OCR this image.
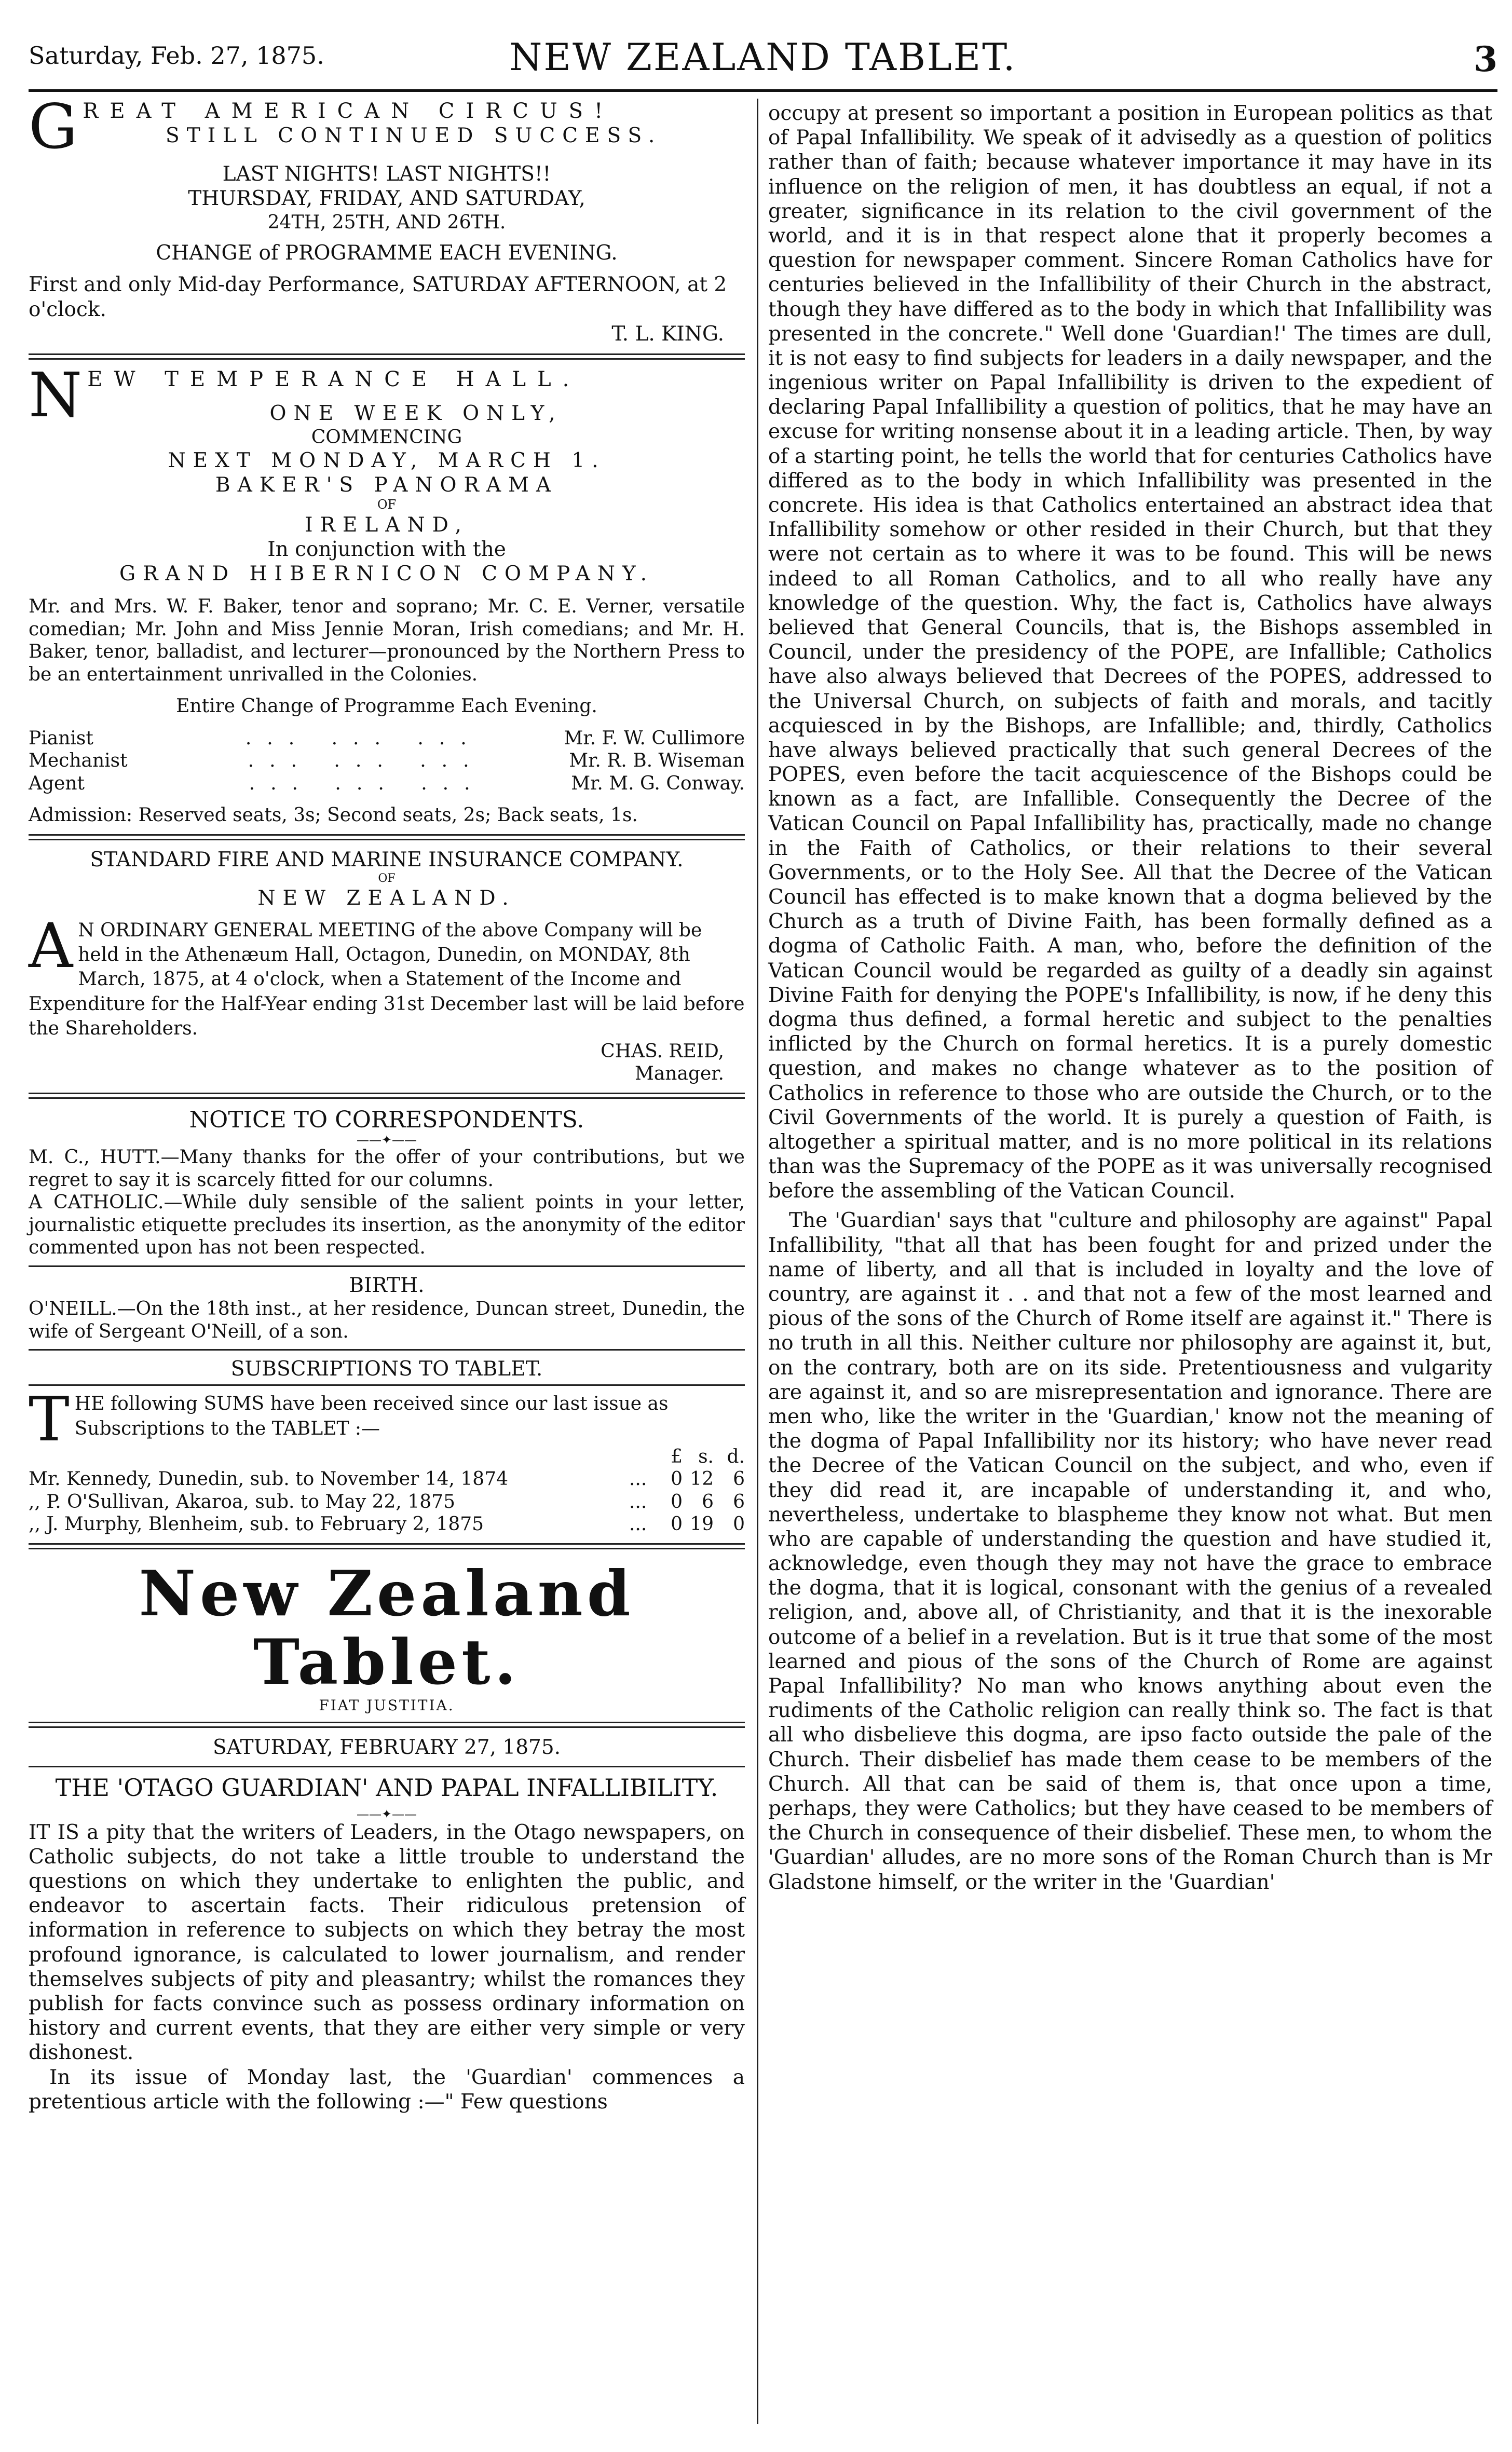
Saturday, Feb. 27, 1875.	NEW ZEALAND TABLET.	3
G REAT AMERICAN CIRCUS!
STILL CONTINUED SUCCESS.
LAST NIGHTS! LAST NIGHTS!!
THURSDAY, FRIDAY, AND SATURDAY,
24TH, 25TH, AND 26TH.
CHANGE of PROGRAMME EACH EVENING.
First and only Mid-day Performance, SATURDAY AFTERNOON, at 2 o'clock.
T. L. KING.
N EW TEMPERANCE HALL.
ONE WEEK ONLY,
COMMENCING
NEXT MONDAY, MARCH 1.
BAKER'S PANORAMA
OF
IRELAND,
In conjunction with the
GRAND HIBERNICON COMPANY.
Mr. and Mrs. W. F. Baker, tenor and soprano; Mr. C. E. Verner, versatile comedian; Mr. John and Miss Jennie Moran, Irish comedians; and Mr. H. Baker, tenor, balladist, and lecturer—pronounced by the Northern Press to be an entertainment unrivalled in the Colonies.
Entire Change of Programme Each Evening.
Pianist	... ... ...	Mr. F. W. Cullimore
Mechanist	... ... ...	Mr. R. B. Wiseman
Agent	... ... ...	Mr. M. G. Conway.
Admission: Reserved seats, 3s; Second seats, 2s; Back seats, 1s.
STANDARD FIRE AND MARINE INSURANCE COMPANY.
OF
NEW ZEALAND.
A N ORDINARY GENERAL MEETING of the above Company will be held in the Athenæum Hall, Octagon, Dunedin, on MONDAY, 8th March, 1875, at 4 o'clock, when a Statement of the Income and Expenditure for the Half-Year ending 31st December last will be laid before the Shareholders.
CHAS. REID,
Manager.
NOTICE TO CORRESPONDENTS.
——✦——
M. C., HUTT.—Many thanks for the offer of your contributions, but we regret to say it is scarcely fitted for our columns.
A CATHOLIC.—While duly sensible of the salient points in your letter, journalistic etiquette precludes its insertion, as the anonymity of the editor commented upon has not been respected.
BIRTH.
O'NEILL.—On the 18th inst., at her residence, Duncan street, Dunedin, the wife of Sergeant O'Neill, of a son.
SUBSCRIPTIONS TO TABLET.
T HE following SUMS have been received since our last issue as Subscriptions to the TABLET :—
		£	s.	d.
Mr. Kennedy, Dunedin, sub. to November 14, 1874	...	0	12	6
,, P. O'Sullivan, Akaroa, sub. to May 22, 1875	...	0	6	6
,, J. Murphy, Blenheim, sub. to February 2, 1875	...	0	19	0
New Zealand Tablet.
FIAT JUSTITIA.
SATURDAY, FEBRUARY 27, 1875.
THE 'OTAGO GUARDIAN' AND PAPAL INFALLIBILITY.
——✦——

IT IS a pity that the writers of Leaders, in the Otago newspapers, on Catholic subjects, do not take a little trouble to understand the questions on which they undertake to enlighten the public, and endeavor to ascertain facts. Their ridiculous pretension of information in reference to subjects on which they betray the most profound ignorance, is calculated to lower journalism, and render themselves subjects of pity and pleasantry; whilst the romances they publish for facts convince such as possess ordinary information on history and current events, that they are either very simple or very dishonest.

In its issue of Monday last, the 'Guardian' commences a pretentious article with the following :—" Few questions

occupy at present so important a position in European politics as that of Papal Infallibility. We speak of it advisedly as a question of politics rather than of faith; because whatever importance it may have in its influence on the religion of men, it has doubtless an equal, if not a greater, significance in its relation to the civil government of the world, and it is in that respect alone that it properly becomes a question for newspaper comment. Sincere Roman Catholics have for centuries believed in the Infallibility of their Church in the abstract, though they have differed as to the body in which that Infallibility was presented in the concrete." Well done 'Guardian!' The times are dull, it is not easy to find subjects for leaders in a daily newspaper, and the ingenious writer on Papal Infallibility is driven to the expedient of declaring Papal Infallibility a question of politics, that he may have an excuse for writing nonsense about it in a leading article. Then, by way of a starting point, he tells the world that for centuries Catholics have differed as to the body in which Infallibility was presented in the concrete. His idea is that Catholics entertained an abstract idea that Infallibility somehow or other resided in their Church, but that they were not certain as to where it was to be found. This will be news indeed to all Roman Catholics, and to all who really have any knowledge of the question. Why, the fact is, Catholics have always believed that General Councils, that is, the Bishops assembled in Council, under the presidency of the POPE, are Infallible; Catholics have also always believed that Decrees of the POPES, addressed to the Universal Church, on subjects of faith and morals, and tacitly acquiesced in by the Bishops, are Infallible; and, thirdly, Catholics have always believed practically that such general Decrees of the POPES, even before the tacit acquiescence of the Bishops could be known as a fact, are Infallible. Consequently the Decree of the Vatican Council on Papal Infallibility has, practically, made no change in the Faith of Catholics, or their relations to their several Governments, or to the Holy See. All that the Decree of the Vatican Council has effected is to make known that a dogma believed by the Church as a truth of Divine Faith, has been formally defined as a dogma of Catholic Faith. A man, who, before the definition of the Vatican Council would be regarded as guilty of a deadly sin against Divine Faith for denying the POPE's Infallibility, is now, if he deny this dogma thus defined, a formal heretic and subject to the penalties inflicted by the Church on formal heretics. It is a purely domestic question, and makes no change whatever as to the position of Catholics in reference to those who are outside the Church, or to the Civil Governments of the world. It is purely a question of Faith, is altogether a spiritual matter, and is no more political in its relations than was the Supremacy of the POPE as it was universally recognised before the assembling of the Vatican Council.

The 'Guardian' says that "culture and philosophy are against" Papal Infallibility, "that all that has been fought for and prized under the name of liberty, and all that is included in loyalty and the love of country, are against it . . and that not a few of the most learned and pious of the sons of the Church of Rome itself are against it." There is no truth in all this. Neither culture nor philosophy are against it, but, on the contrary, both are on its side. Pretentiousness and vulgarity are against it, and so are misrepresentation and ignorance. There are men who, like the writer in the 'Guardian,' know not the meaning of the dogma of Papal Infallibility nor its history; who have never read the Decree of the Vatican Council on the subject, and who, even if they did read it, are incapable of understanding it, and who, nevertheless, undertake to blaspheme they know not what. But men who are capable of understanding the question and have studied it, acknowledge, even though they may not have the grace to embrace the dogma, that it is logical, consonant with the genius of a revealed religion, and, above all, of Christianity, and that it is the inexorable outcome of a belief in a revelation. But is it true that some of the most learned and pious of the sons of the Church of Rome are against Papal Infallibility? No man who knows anything about even the rudiments of the Catholic religion can really think so. The fact is that all who disbelieve this dogma, are ipso facto outside the pale of the Church. Their disbelief has made them cease to be members of the Church. All that can be said of them is, that once upon a time, perhaps, they were Catholics; but they have ceased to be members of the Church in consequence of their disbelief. These men, to whom the 'Guardian' alludes, are no more sons of the Roman Church than is Mr Gladstone himself, or the writer in the 'Guardian'
